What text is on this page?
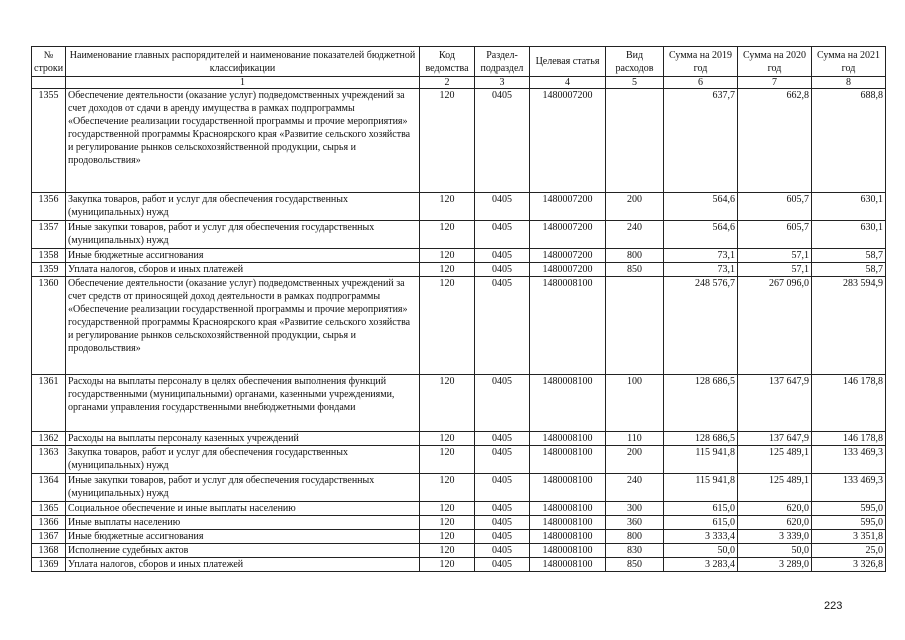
№ строки	Наименование главных распорядителей и наименование показателей бюджетной классификации	Код ведомства	Раздел-подраздел	Целевая статья	Вид расходов	Сумма на 2019 год	Сумма на 2020 год	Сумма на 2021 год
	1	2	3	4	5	6	7	8
1355	Обеспечение деятельности (оказание услуг) подведомственных учреждений за счет доходов от сдачи в аренду имущества в рамках подпрограммы «Обеспечение реализации государственной программы и прочие мероприятия» государственной программы Красноярского края «Развитие сельского хозяйства и регулирование рынков сельскохозяйственной продукции, сырья и продовольствия»	120	0405	1480007200		637,7	662,8	688,8
1356	Закупка товаров, работ и услуг для обеспечения государственных (муниципальных) нужд	120	0405	1480007200	200	564,6	605,7	630,1
1357	Иные закупки товаров, работ и услуг для обеспечения государственных (муниципальных) нужд	120	0405	1480007200	240	564,6	605,7	630,1
1358	Иные бюджетные ассигнования	120	0405	1480007200	800	73,1	57,1	58,7
1359	Уплата налогов, сборов и иных платежей	120	0405	1480007200	850	73,1	57,1	58,7
1360	Обеспечение деятельности (оказание услуг) подведомственных учреждений за счет средств от приносящей доход деятельности в рамках подпрограммы «Обеспечение реализации государственной программы и прочие мероприятия» государственной программы Красноярского края «Развитие сельского хозяйства и регулирование рынков сельскохозяйственной продукции, сырья и продовольствия»	120	0405	1480008100		248 576,7	267 096,0	283 594,9
1361	Расходы на выплаты персоналу в целях обеспечения выполнения функций государственными (муниципальными) органами, казенными учреждениями, органами управления государственными внебюджетными фондами	120	0405	1480008100	100	128 686,5	137 647,9	146 178,8
1362	Расходы на выплаты персоналу казенных учреждений	120	0405	1480008100	110	128 686,5	137 647,9	146 178,8
1363	Закупка товаров, работ и услуг для обеспечения государственных (муниципальных) нужд	120	0405	1480008100	200	115 941,8	125 489,1	133 469,3
1364	Иные закупки товаров, работ и услуг для обеспечения государственных (муниципальных) нужд	120	0405	1480008100	240	115 941,8	125 489,1	133 469,3
1365	Социальное обеспечение и иные выплаты населению	120	0405	1480008100	300	615,0	620,0	595,0
1366	Иные выплаты населению	120	0405	1480008100	360	615,0	620,0	595,0
1367	Иные бюджетные ассигнования	120	0405	1480008100	800	3 333,4	3 339,0	3 351,8
1368	Исполнение судебных актов	120	0405	1480008100	830	50,0	50,0	25,0
1369	Уплата налогов, сборов и иных платежей	120	0405	1480008100	850	3 283,4	3 289,0	3 326,8
223
